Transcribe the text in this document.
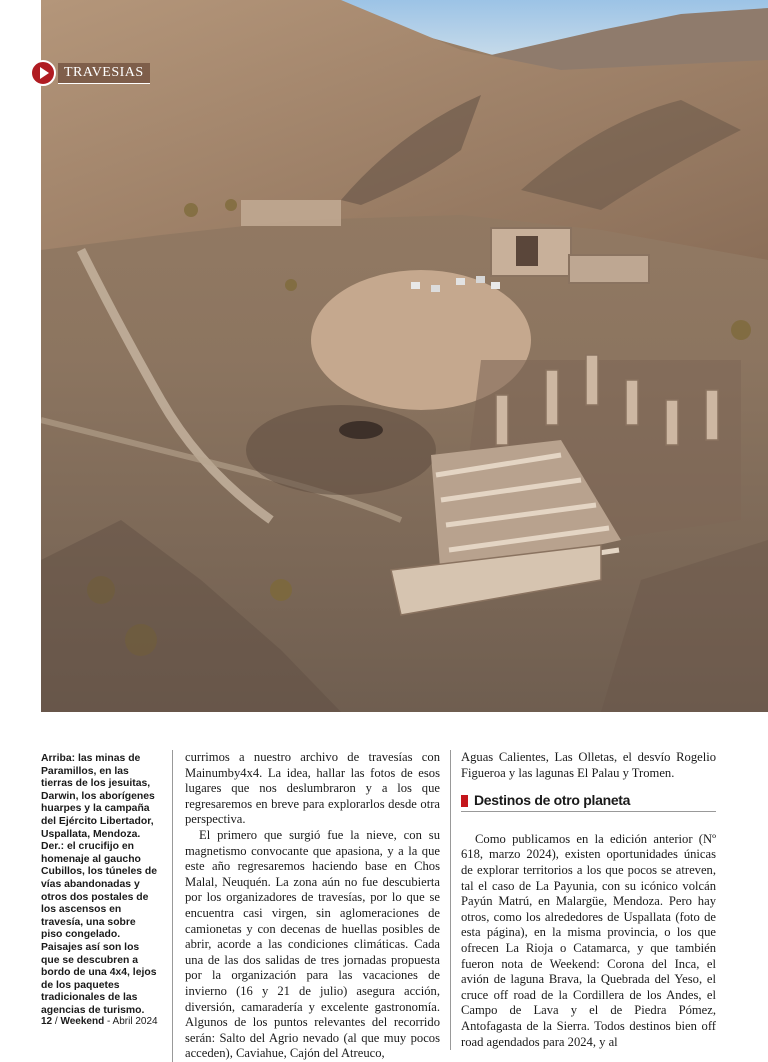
TRAVESIAS

Arriba: las minas de Paramillos, en las tierras de los jesuitas, Darwin, los aborígenes huarpes y la campaña del Ejército Libertador, Uspallata, Mendoza. Der.: el crucifijo en homenaje al gaucho Cubillos, los túneles de vías abandonadas y otros dos postales de los ascensos en travesía, una sobre piso congelado. Paisajes así son los que se descubren a bordo de una 4x4, lejos de los paquetes tradicionales de las agencias de turismo.

currimos a nuestro archivo de travesías con Mainumby4x4. La idea, hallar las fotos de esos lugares que nos deslumbraron y a los que regresaremos en breve para explorarlos desde otra perspectiva.

El primero que surgió fue la nieve, con su magnetismo convocante que apasiona, y a la que este año regresaremos haciendo base en Chos Malal, Neuquén. La zona aún no fue descubierta por los organizadores de travesías, por lo que se encuentra casi virgen, sin aglomeraciones de camionetas y con decenas de huellas posibles de abrir, acorde a las condiciones climáticas. Cada una de las dos salidas de tres jornadas propuesta por la organización para las vacaciones de invierno (16 y 21 de julio) asegura acción, diversión, camaradería y excelente gastronomía. Algunos de los puntos relevantes del recorrido serán: Salto del Agrio nevado (al que muy pocos acceden), Caviahue, Cajón del Atreuco,

Aguas Calientes, Las Olletas, el desvío Rogelio Figueroa y las lagunas El Palau y Tromen.

Destinos de otro planeta

Como publicamos en la edición anterior (Nº 618, marzo 2024), existen oportunidades únicas de explorar territorios a los que pocos se atreven, tal el caso de La Payunia, con su icónico volcán Payún Matrú, en Malargüe, Mendoza. Pero hay otros, como los alrededores de Uspallata (foto de esta página), en la misma provincia, o los que ofrecen La Rioja o Catamarca, y que también fueron nota de Weekend: Corona del Inca, el avión de laguna Brava, la Quebrada del Yeso, el cruce off road de la Cordillera de los Andes, el Campo de Lava y el de Piedra Pómez, Antofagasta de la Sierra. Todos destinos bien off road agendados para 2024, y al

12 / Weekend - Abril 2024
